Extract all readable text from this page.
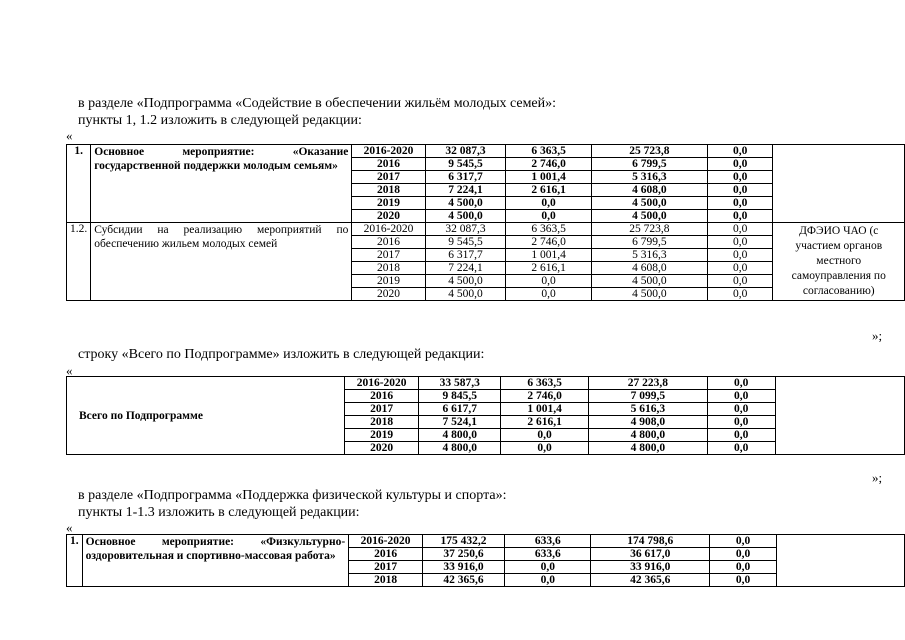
в разделе «Подпрограмма «Содействие в обеспечении жильём молодых семей»:
пункты 1, 1.2 изложить в следующей редакции:
«
1.	Основное мероприятие: «Оказание государственной поддержки молодым семьям»	2016-2020	32 087,3	6 363,5	25 723,8	0,0	
		2016	9 545,5	2 746,0	6 799,5	0,0	
		2017	6 317,7	1 001,4	5 316,3	0,0	
		2018	7 224,1	2 616,1	4 608,0	0,0	
		2019	4 500,0	0,0	4 500,0	0,0	
		2020	4 500,0	0,0	4 500,0	0,0	
1.2.	Субсидии на реализацию мероприятий по обеспечению жильем молодых семей	2016-2020	32 087,3	6 363,5	25 723,8	0,0	ДФЭИО ЧАО (с участием органов местного самоуправления по согласованию)
		2016	9 545,5	2 746,0	6 799,5	0,0	
		2017	6 317,7	1 001,4	5 316,3	0,0	
		2018	7 224,1	2 616,1	4 608,0	0,0	
		2019	4 500,0	0,0	4 500,0	0,0	
		2020	4 500,0	0,0	4 500,0	0,0	
»;
строку «Всего по Подпрограмме» изложить в следующей редакции:
«
Всего по Подпрограмме	2016-2020	33 587,3	6 363,5	27 223,8	0,0	
	2016	9 845,5	2 746,0	7 099,5	0,0	
	2017	6 617,7	1 001,4	5 616,3	0,0	
	2018	7 524,1	2 616,1	4 908,0	0,0	
	2019	4 800,0	0,0	4 800,0	0,0	
	2020	4 800,0	0,0	4 800,0	0,0	
»;
в разделе «Подпрограмма «Поддержка физической культуры и спорта»:
пункты 1-1.3 изложить в следующей редакции:
«
1.	Основное мероприятие: «Физкультурно-оздоровительная и спортивно-массовая работа»	2016-2020	175 432,2	633,6	174 798,6	0,0	
		2016	37 250,6	633,6	36 617,0	0,0	
		2017	33 916,0	0,0	33 916,0	0,0	
		2018	42 365,6	0,0	42 365,6	0,0	
